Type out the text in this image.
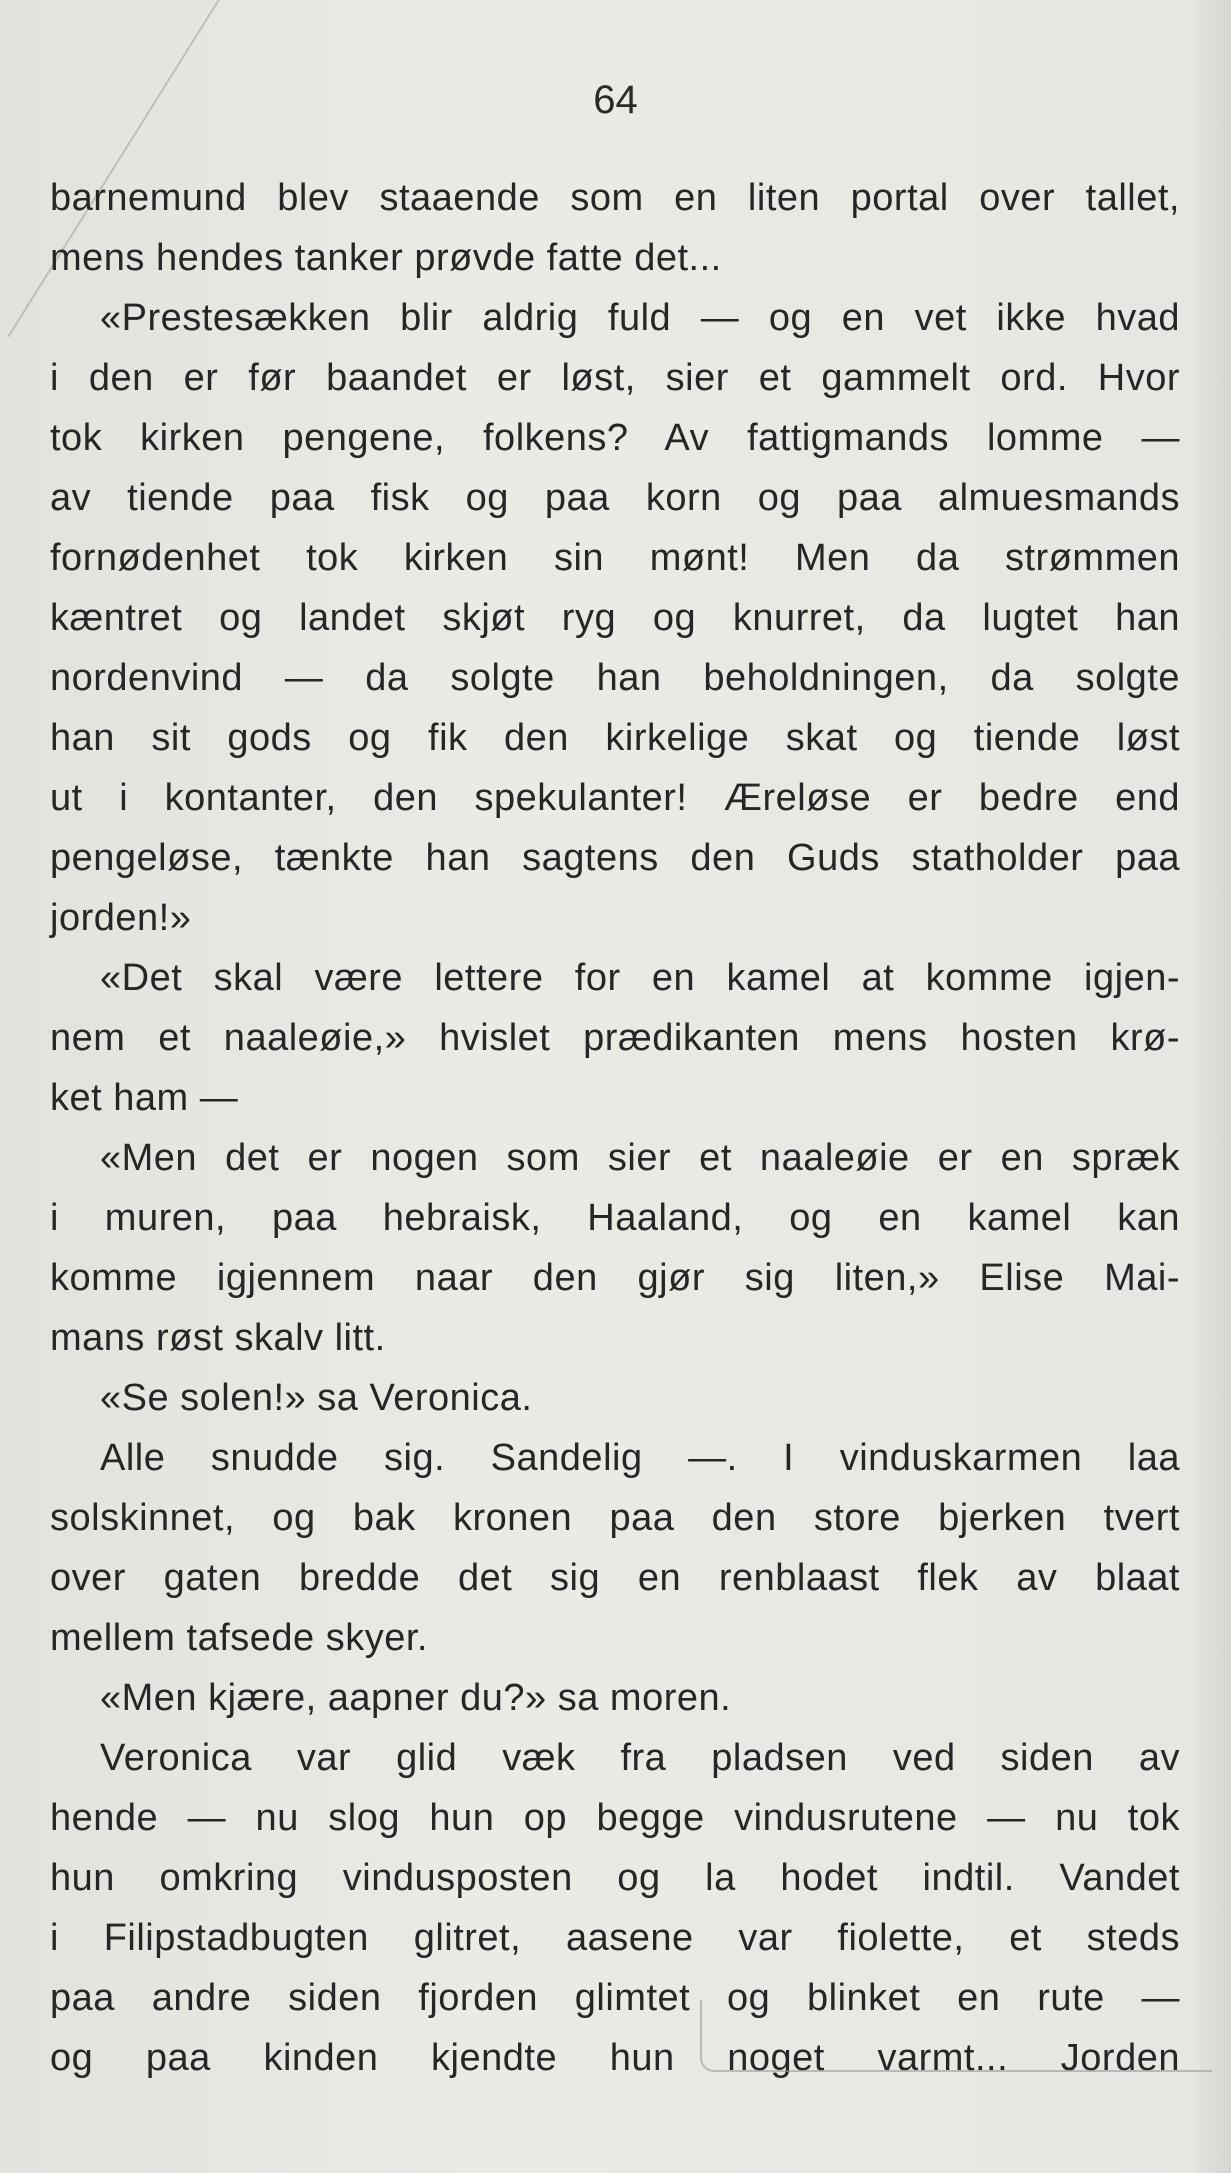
64
barnemund blev staaende som en liten portal over tallet,
mens hendes tanker prøvde fatte det...
«Prestesækken blir aldrig fuld — og en vet ikke hvad
i den er før baandet er løst, sier et gammelt ord. Hvor
tok kirken pengene, folkens? Av fattigmands lomme —
av tiende paa fisk og paa korn og paa almuesmands
fornødenhet tok kirken sin mønt! Men da strømmen
kæntret og landet skjøt ryg og knurret, da lugtet han
nordenvind — da solgte han beholdningen, da solgte
han sit gods og fik den kirkelige skat og tiende løst
ut i kontanter, den spekulanter! Æreløse er bedre end
pengeløse, tænkte han sagtens den Guds statholder paa
jorden!»
«Det skal være lettere for en kamel at komme igjen-
nem et naaleøie,» hvislet prædikanten mens hosten krø-
ket ham —
«Men det er nogen som sier et naaleøie er en spræk
i muren, paa hebraisk, Haaland, og en kamel kan
komme igjennem naar den gjør sig liten,» Elise Mai-
mans røst skalv litt.
«Se solen!» sa Veronica.
Alle snudde sig. Sandelig —. I vinduskarmen laa
solskinnet, og bak kronen paa den store bjerken tvert
over gaten bredde det sig en renblaast flek av blaat
mellem tafsede skyer.
«Men kjære, aapner du?» sa moren.
Veronica var glid væk fra pladsen ved siden av
hende — nu slog hun op begge vindusrutene — nu tok
hun omkring vindusposten og la hodet indtil. Vandet
i Filipstadbugten glitret, aasene var fiolette, et steds
paa andre siden fjorden glimtet og blinket en rute —
og paa kinden kjendte hun noget varmt... Jorden
